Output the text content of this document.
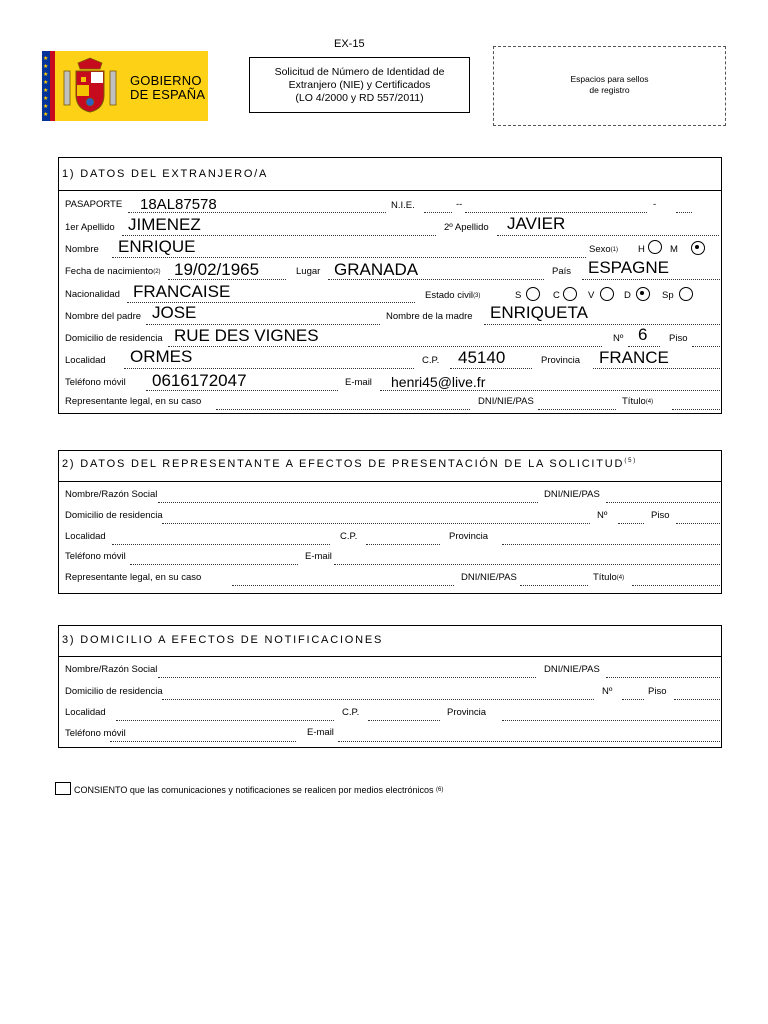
EX-15
★
★
★
★
★
★
★
★
GOBIERNO
DE ESPAÑA
Solicitud de Número de Identidad de
Extranjero (NIE) y Certificados
(LO 4/2000 y RD 557/2011)
Espacios para sellos
de registro
1) DATOS DEL EXTRANJERO/A
PASAPORTE 18AL87578	N.I.E.	--	-
1er Apellido JIMENEZ	2º Apellido JAVIER
Nombre ENRIQUE	Sexo$^{(1)}$ H	M
Fecha de nacimiento$^{(2)}$ 19/02/1965	Lugar GRANADA	País ESPAGNE
Nacionalidad FRANCAISE	Estado civil$^{(3)}$	S	C	V	D	Sp
Nombre del padre JOSE	Nombre de la madre ENRIQUETA
Domicilio de residencia RUE DES VIGNES	Nº 6 Piso
Localidad ORMES	C.P. 45140	Provincia FRANCE
Teléfono móvil 0616172047	E-mail henri45@live.fr
Representante legal, en su caso	DNI/NIE/PAS	Título$^{(4)}$
2) DATOS DEL REPRESENTANTE A EFECTOS DE PRESENTACIÓN DE LA SOLICITUD$^{(5)}$
Nombre/Razón Social	DNI/NIE/PAS
Domicilio de residencia	Nº	Piso
Localidad	C.P.	Provincia
Teléfono móvil	E-mail
Representante legal, en su caso	DNI/NIE/PAS	Título$^{(4)}$
3) DOMICILIO A EFECTOS DE NOTIFICACIONES
Nombre/Razón Social	DNI/NIE/PAS
Domicilio de residencia	Nº	Piso
Localidad	C.P.	Provincia
Teléfono móvil	E-mail
CONSIENTO que las comunicaciones y notificaciones se realicen por medios electrónicos $^{(6)}$
